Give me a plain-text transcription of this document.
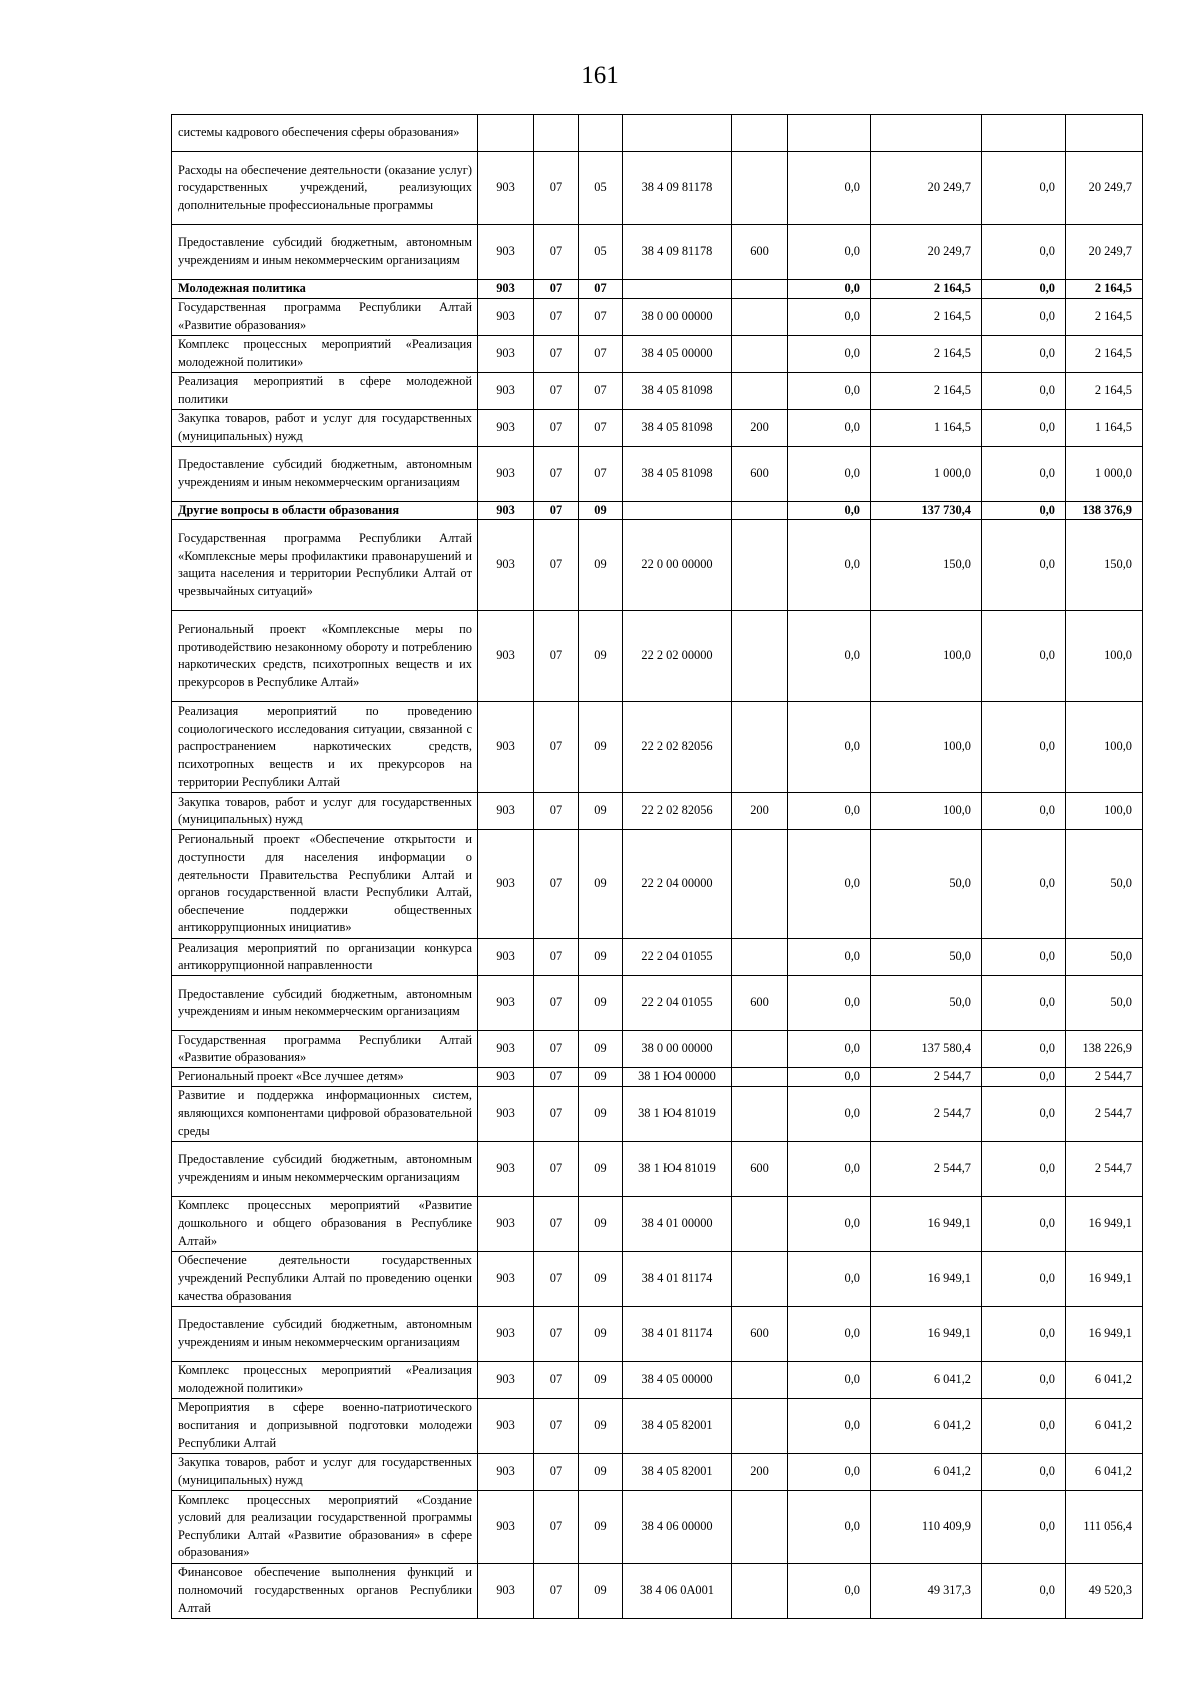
161
системы кадрового обеспечения сферы образования»									
Расходы на обеспечение деятельности (оказание услуг) государственных учреждений, реализующих дополнительные профессиональные программы	903	07	05	38 4 09 81178		0,0	20 249,7	0,0	20 249,7
Предоставление субсидий бюджетным, автономным учреждениям и иным некоммерческим организациям	903	07	05	38 4 09 81178	600	0,0	20 249,7	0,0	20 249,7
Молодежная политика	903	07	07			0,0	2 164,5	0,0	2 164,5
Государственная программа Республики Алтай «Развитие образования»	903	07	07	38 0 00 00000		0,0	2 164,5	0,0	2 164,5
Комплекс процессных мероприятий «Реализация молодежной политики»	903	07	07	38 4 05 00000		0,0	2 164,5	0,0	2 164,5
Реализация мероприятий в сфере молодежной политики	903	07	07	38 4 05 81098		0,0	2 164,5	0,0	2 164,5
Закупка товаров, работ и услуг для государственных (муниципальных) нужд	903	07	07	38 4 05 81098	200	0,0	1 164,5	0,0	1 164,5
Предоставление субсидий бюджетным, автономным учреждениям и иным некоммерческим организациям	903	07	07	38 4 05 81098	600	0,0	1 000,0	0,0	1 000,0
Другие вопросы в области образования	903	07	09			0,0	137 730,4	0,0	138 376,9
Государственная программа Республики Алтай «Комплексные меры профилактики правонарушений и защита населения и территории Республики Алтай от чрезвычайных ситуаций»	903	07	09	22 0 00 00000		0,0	150,0	0,0	150,0
Региональный проект «Комплексные меры по противодействию незаконному обороту и потреблению наркотических средств, психотропных веществ и их прекурсоров в Республике Алтай»	903	07	09	22 2 02 00000		0,0	100,0	0,0	100,0
Реализация мероприятий по проведению социологического исследования ситуации, связанной с распространением наркотических средств, психотропных веществ и их прекурсоров на территории Республики Алтай	903	07	09	22 2 02 82056		0,0	100,0	0,0	100,0
Закупка товаров, работ и услуг для государственных (муниципальных) нужд	903	07	09	22 2 02 82056	200	0,0	100,0	0,0	100,0
Региональный проект «Обеспечение открытости и доступности для населения информации о деятельности Правительства Республики Алтай и органов государственной власти Республики Алтай, обеспечение поддержки общественных антикоррупционных инициатив»	903	07	09	22 2 04 00000		0,0	50,0	0,0	50,0
Реализация мероприятий по организации конкурса антикоррупционной направленности	903	07	09	22 2 04 01055		0,0	50,0	0,0	50,0
Предоставление субсидий бюджетным, автономным учреждениям и иным некоммерческим организациям	903	07	09	22 2 04 01055	600	0,0	50,0	0,0	50,0
Государственная программа Республики Алтай «Развитие образования»	903	07	09	38 0 00 00000		0,0	137 580,4	0,0	138 226,9
Региональный проект «Все лучшее детям»	903	07	09	38 1 Ю4 00000		0,0	2 544,7	0,0	2 544,7
Развитие и поддержка информационных систем, являющихся компонентами цифровой образовательной среды	903	07	09	38 1 Ю4 81019		0,0	2 544,7	0,0	2 544,7
Предоставление субсидий бюджетным, автономным учреждениям и иным некоммерческим организациям	903	07	09	38 1 Ю4 81019	600	0,0	2 544,7	0,0	2 544,7
Комплекс процессных мероприятий «Развитие дошкольного и общего образования в Республике Алтай»	903	07	09	38 4 01 00000		0,0	16 949,1	0,0	16 949,1
Обеспечение деятельности государственных учреждений Республики Алтай по проведению оценки качества образования	903	07	09	38 4 01 81174		0,0	16 949,1	0,0	16 949,1
Предоставление субсидий бюджетным, автономным учреждениям и иным некоммерческим организациям	903	07	09	38 4 01 81174	600	0,0	16 949,1	0,0	16 949,1
Комплекс процессных мероприятий «Реализация молодежной политики»	903	07	09	38 4 05 00000		0,0	6 041,2	0,0	6 041,2
Мероприятия в сфере военно-патриотического воспитания и допризывной подготовки молодежи Республики Алтай	903	07	09	38 4 05 82001		0,0	6 041,2	0,0	6 041,2
Закупка товаров, работ и услуг для государственных (муниципальных) нужд	903	07	09	38 4 05 82001	200	0,0	6 041,2	0,0	6 041,2
Комплекс процессных мероприятий «Создание условий для реализации государственной программы Республики Алтай «Развитие образования» в сфере образования»	903	07	09	38 4 06 00000		0,0	110 409,9	0,0	111 056,4
Финансовое обеспечение выполнения функций и полномочий государственных органов Республики Алтай	903	07	09	38 4 06 0А001		0,0	49 317,3	0,0	49 520,3
